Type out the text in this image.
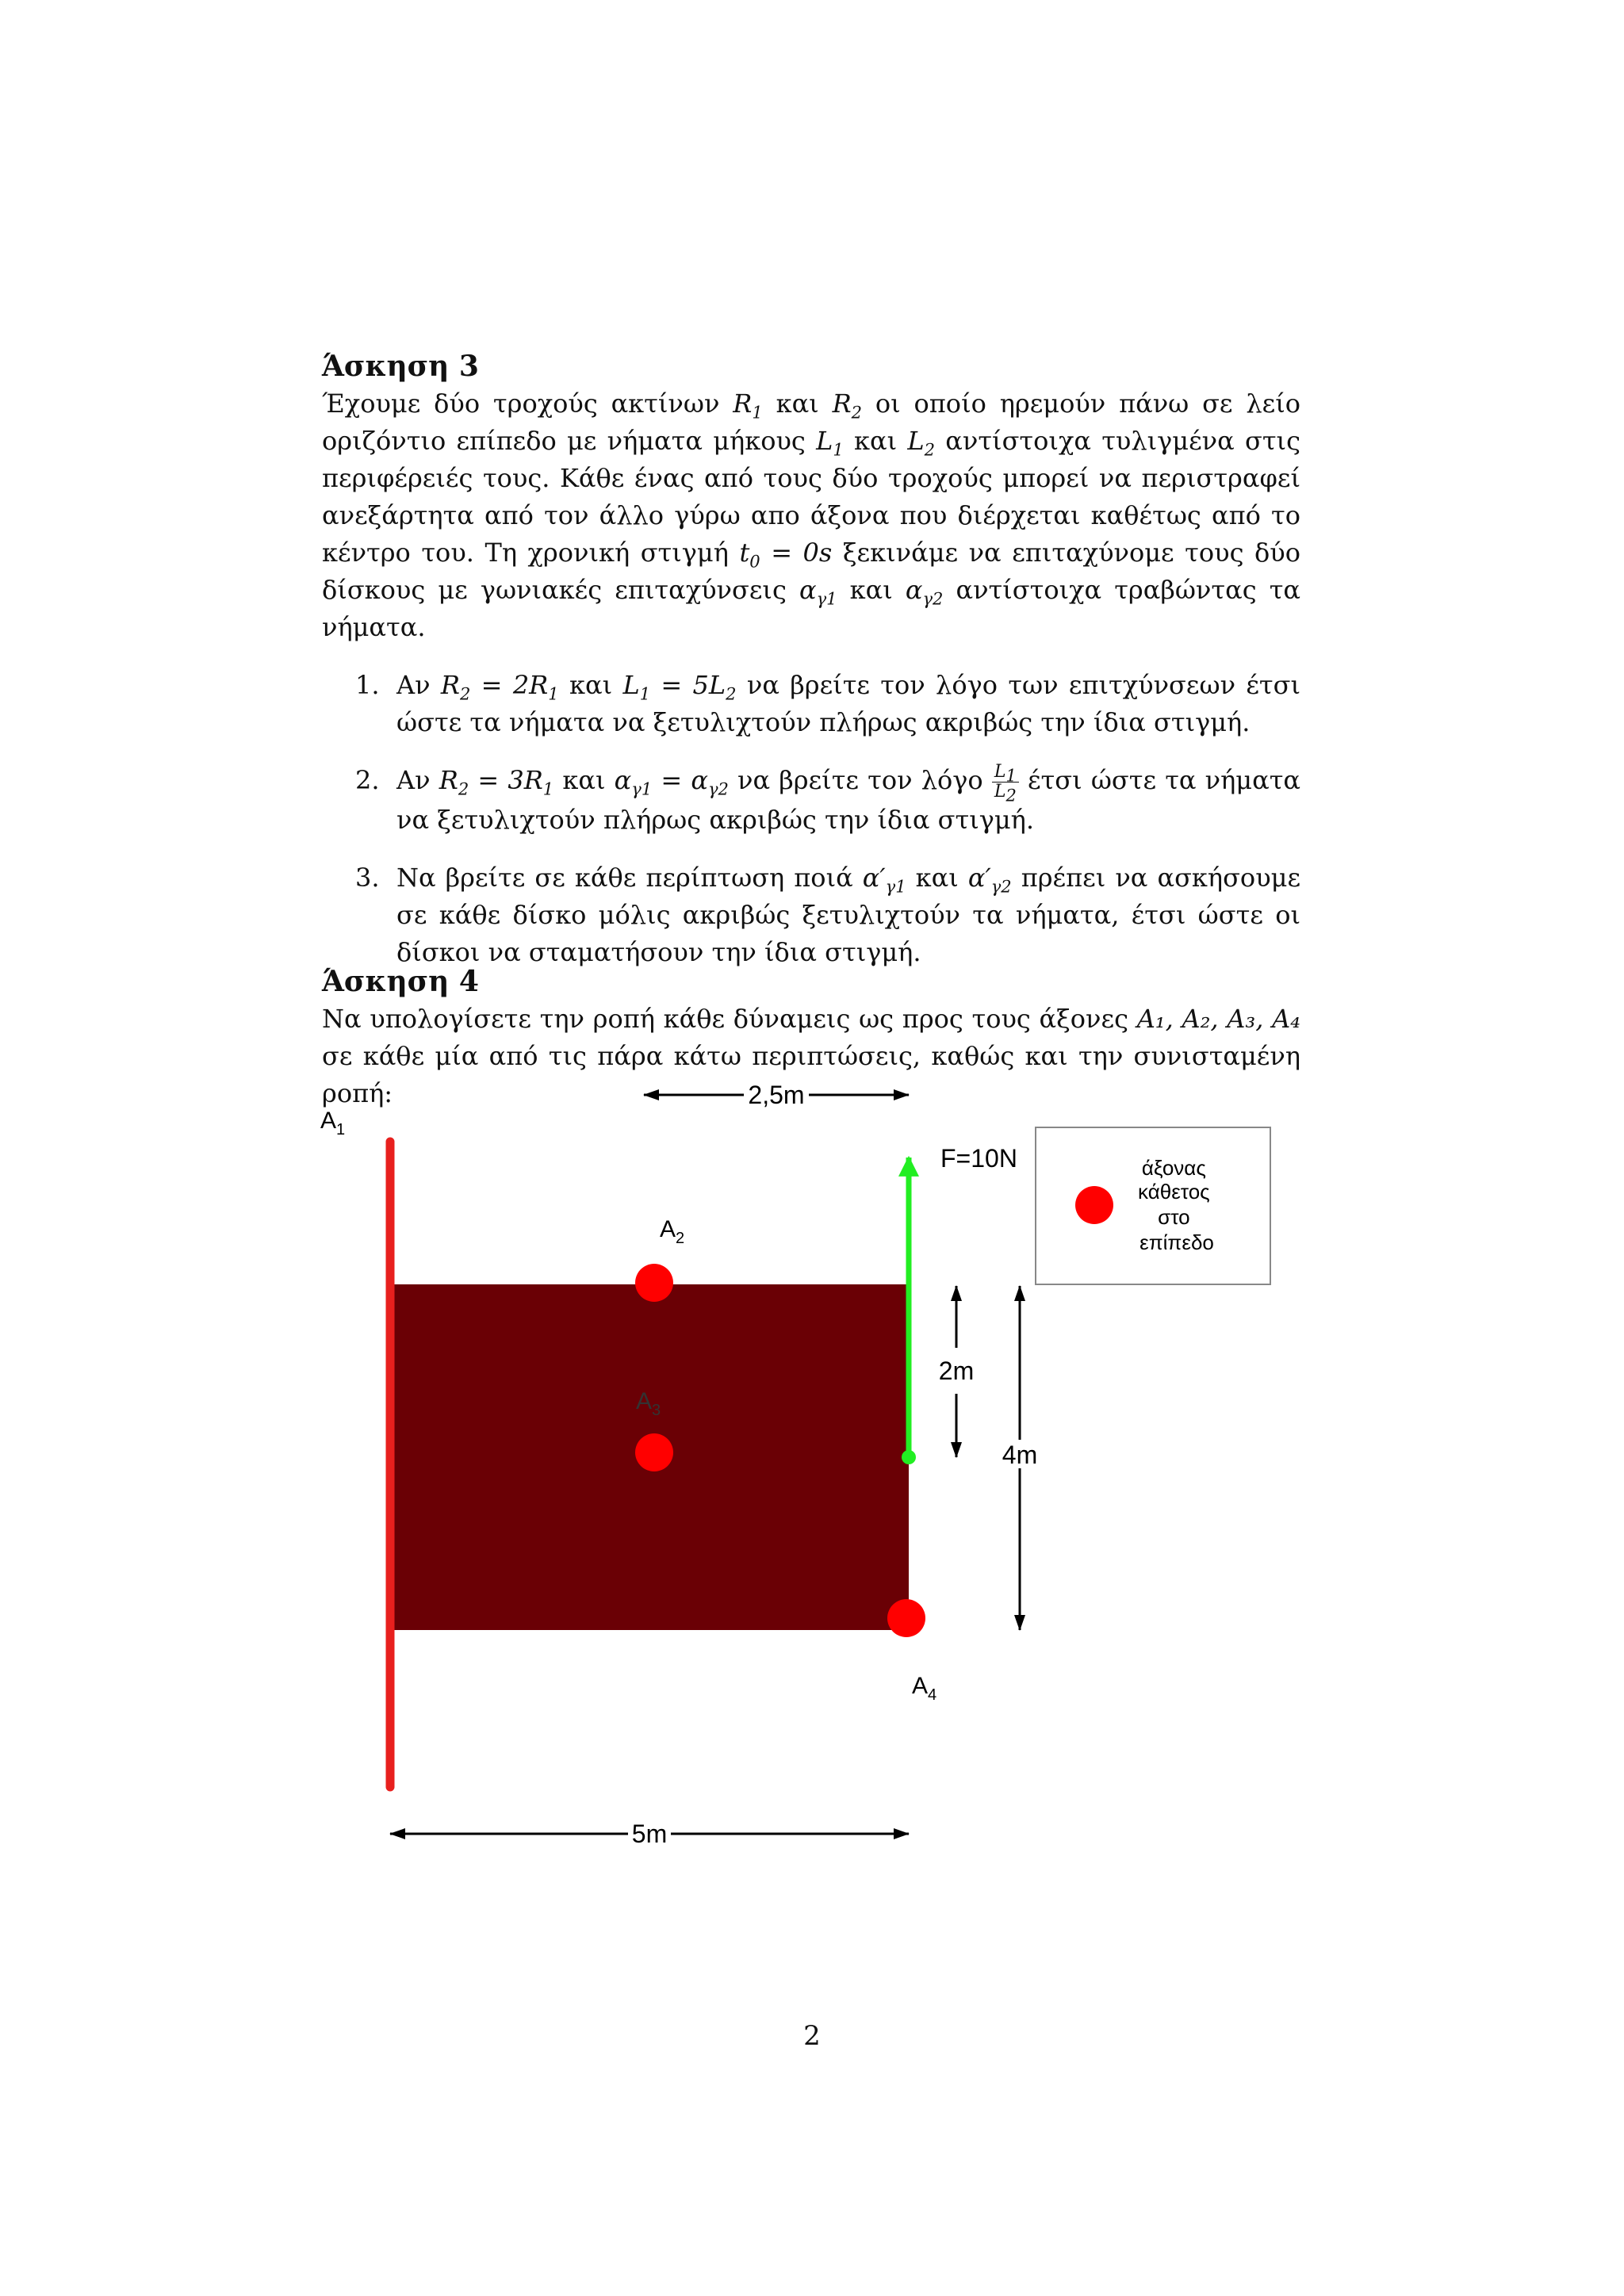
Άσκηση 3

Έχουμε δύο τροχούς ακτίνων $R_1$ και $R_2$ οι οποίο ηρεμούν πάνω σε λείο οριζόντιο επίπεδο με νήματα μήκους $L_1$ και $L_2$ αντίστοιχα τυλιγμένα στις περιφέρειές τους. Κάθε ένας από τους δύο τροχούς μπορεί να περιστραφεί ανεξάρτητα από τον άλλο γύρω απο άξονα που διέρχεται καθέτως από το κέντρο του. Τη χρονική στιγμή $t_0 = 0s$ ξεκινάμε να επιταχύνομε τους δύο δίσκους με γωνιακές επιταχύνσεις $\alpha_{\gamma 1}$ και $\alpha_{\gamma 2}$ αντίστοιχα τραβώντας τα νήματα.

1. Αν $R_2 = 2R_1$ και $L_1 = 5L_2$ να βρείτε τον λόγο των επιτχύνσεων έτσι ώστε τα νήματα να ξετυλιχτούν πλήρως ακριβώς την ίδια στιγμή.
2. Αν $R_2 = 3R_1$ και $\alpha_{\gamma 1} = \alpha_{\gamma 2}$ να βρείτε τον λόγο $\frac{L_1}{L_2}$ έτσι ώστε τα νήματα να ξετυλιχτούν πλήρως ακριβώς την ίδια στιγμή.
3. Να βρείτε σε κάθε περίπτωση ποιά $\alpha'_{\gamma 1}$ και $\alpha'_{\gamma 2}$ πρέπει να ασκήσουμε σε κάθε δίσκο μόλις ακριβώς ξετυλιχτούν τα νήματα, έτσι ώστε οι δίσκοι να σταματήσουν την ίδια στιγμή.
Άσκηση 4

Να υπολογίσετε την ροπή κάθε δύναμεις ως προς τους άξονες A₁, A₂, A₃, A₄ σε κάθε μία από τις πάρα κάτω περιπτώσεις, καθώς και την συνισταμένη ροπή:

$A_1$
$A_2$
$A_3$
$A_4$
F=10N
2,5m
5m
2m
4m
άξονας κάθετος στο επίπεδο
2
